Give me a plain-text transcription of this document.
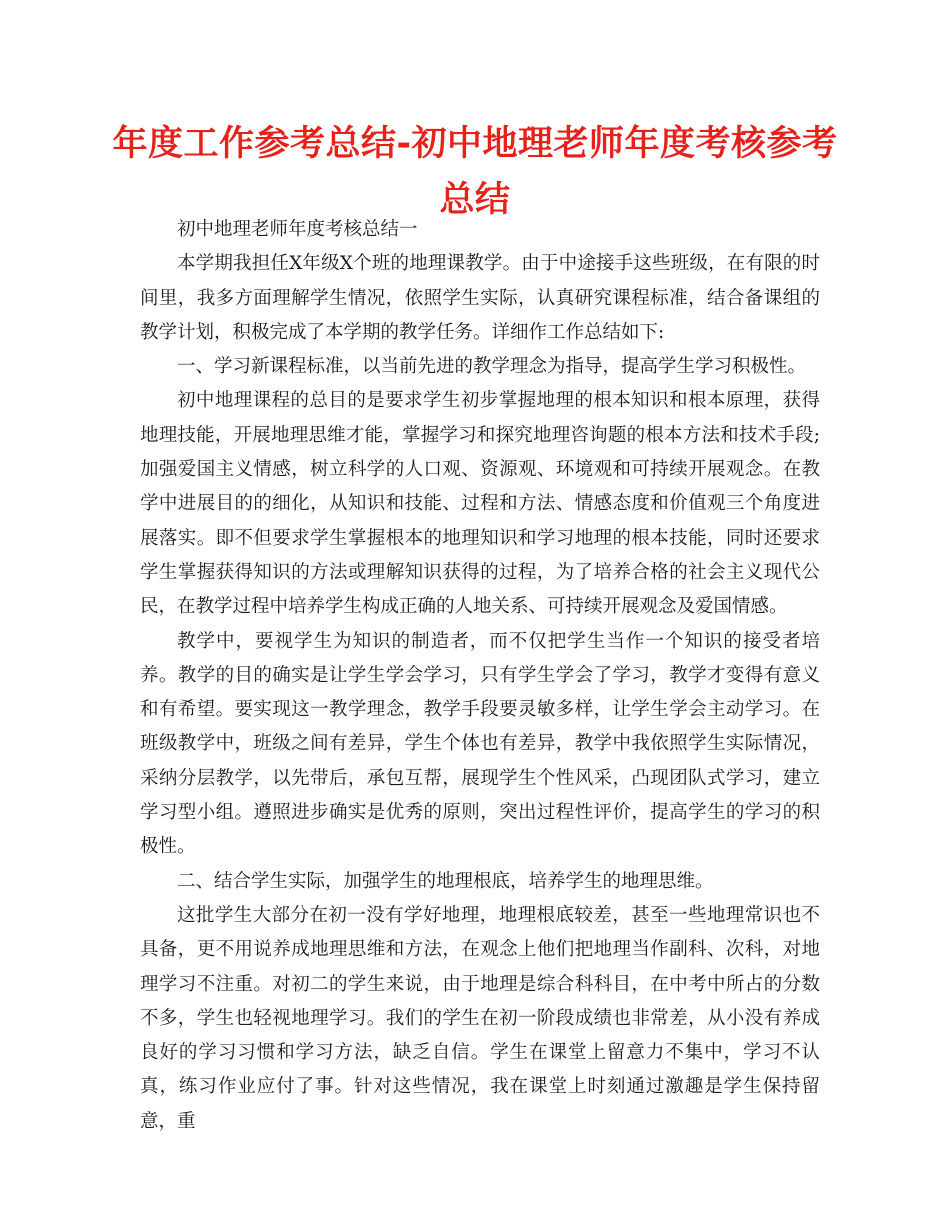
年度工作参考总结-初中地理老师年度考核参考总结

初中地理老师年度考核总结一

本学期我担任X年级X个班的地理课教学。由于中途接手这些班级，在有限的时间里，我多方面理解学生情况，依照学生实际，认真研究课程标准，结合备课组的教学计划，积极完成了本学期的教学任务。详细作工作总结如下:

一、学习新课程标准，以当前先进的教学理念为指导，提高学生学习积极性。

初中地理课程的总目的是要求学生初步掌握地理的根本知识和根本原理，获得地理技能，开展地理思维才能，掌握学习和探究地理咨询题的根本方法和技术手段;加强爱国主义情感，树立科学的人口观、资源观、环境观和可持续开展观念。在教学中进展目的的细化，从知识和技能、过程和方法、情感态度和价值观三个角度进展落实。即不但要求学生掌握根本的地理知识和学习地理的根本技能，同时还要求学生掌握获得知识的方法或理解知识获得的过程，为了培养合格的社会主义现代公民，在教学过程中培养学生构成正确的人地关系、可持续开展观念及爱国情感。

教学中，要视学生为知识的制造者，而不仅把学生当作一个知识的接受者培养。教学的目的确实是让学生学会学习，只有学生学会了学习，教学才变得有意义和有希望。要实现这一教学理念，教学手段要灵敏多样，让学生学会主动学习。在班级教学中，班级之间有差异，学生个体也有差异，教学中我依照学生实际情况，采纳分层教学，以先带后，承包互帮，展现学生个性风采，凸现团队式学习，建立学习型小组。遵照进步确实是优秀的原则，突出过程性评价，提高学生的学习的积极性。

二、结合学生实际，加强学生的地理根底，培养学生的地理思维。

这批学生大部分在初一没有学好地理，地理根底较差，甚至一些地理常识也不具备，更不用说养成地理思维和方法，在观念上他们把地理当作副科、次科，对地理学习不注重。对初二的学生来说，由于地理是综合科科目，在中考中所占的分数不多，学生也轻视地理学习。我们的学生在初一阶段成绩也非常差，从小没有养成良好的学习习惯和学习方法，缺乏自信。学生在课堂上留意力不集中，学习不认真，练习作业应付了事。针对这些情况，我在课堂上时刻通过激趣是学生保持留意，重
